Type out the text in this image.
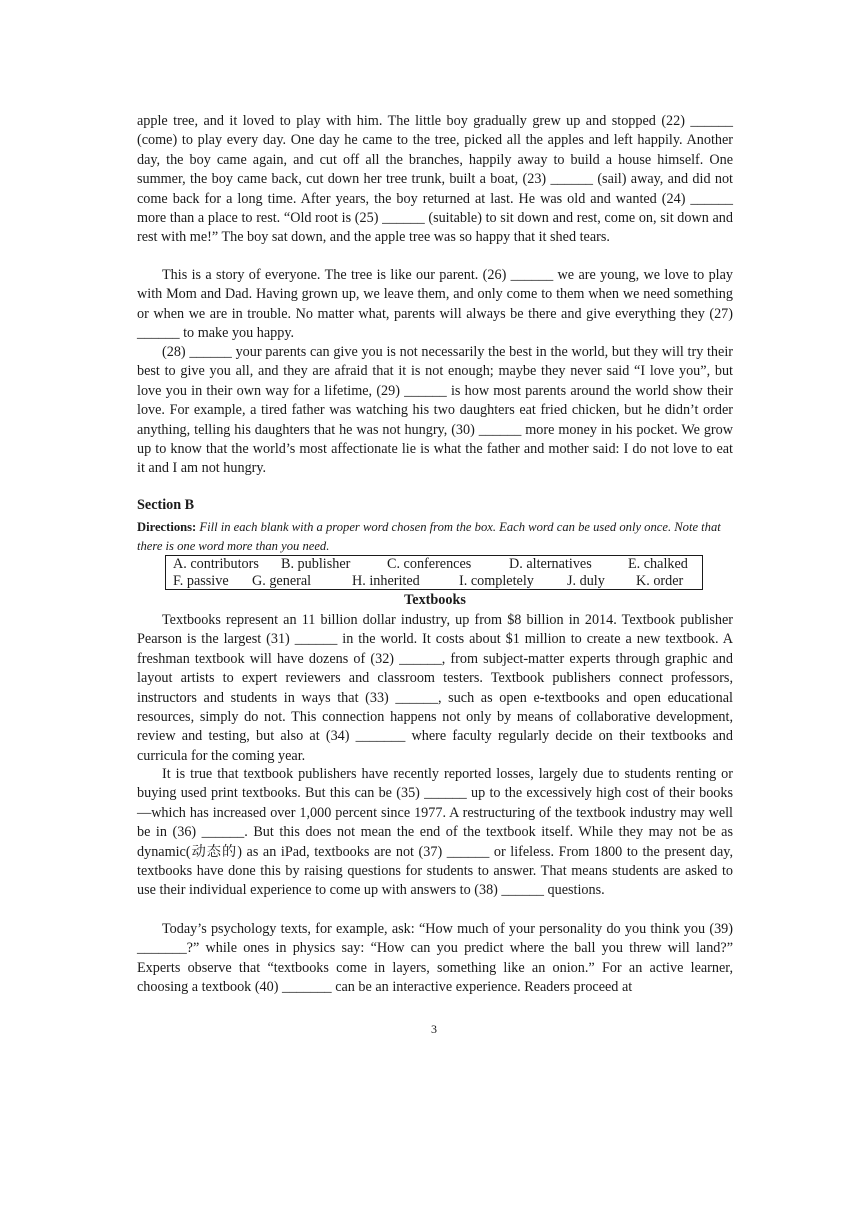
apple tree, and it loved to play with him. The little boy gradually grew up and stopped (22) ______ (come) to play every day. One day he came to the tree, picked all the apples and left happily. Another day, the boy came again, and cut off all the branches, happily away to build a house himself. One summer, the boy came back, cut down her tree trunk, built a boat, (23) ______ (sail) away, and did not come back for a long time. After years, the boy returned at last. He was old and wanted (24) ______ more than a place to rest. “Old root is (25) ______ (suitable) to sit down and rest, come on, sit down and rest with me!” The boy sat down, and the apple tree was so happy that it shed tears.

This is a story of everyone. The tree is like our parent. (26) ______ we are young, we love to play with Mom and Dad. Having grown up, we leave them, and only come to them when we need something or when we are in trouble. No matter what, parents will always be there and give everything they (27) ______ to make you happy.

(28) ______ your parents can give you is not necessarily the best in the world, but they will try their best to give you all, and they are afraid that it is not enough; maybe they never said “I love you”, but love you in their own way for a lifetime, (29) ______ is how most parents around the world show their love. For example, a tired father was watching his two daughters eat fried chicken, but he didn’t order anything, telling his daughters that he was not hungry, (30) ______ more money in his pocket. We grow up to know that the world’s most affectionate lie is what the father and mother said: I do not love to eat it and I am not hungry.

Section B

Directions: Fill in each blank with a proper word chosen from the box. Each word can be used only once. Note that there is one word more than you need.

A. contributors B. publisher	C. conferences	D. alternatives	E. chalked
F. passive G. general	H. inherited	I. completely J. duly K. order

Textbooks

Textbooks represent an 11 billion dollar industry, up from $8 billion in 2014. Textbook publisher Pearson is the largest (31) ______ in the world. It costs about $1 million to create a new textbook. A freshman textbook will have dozens of (32) ______, from subject-matter experts through graphic and layout artists to expert reviewers and classroom testers. Textbook publishers connect professors, instructors and students in ways that (33) ______, such as open e-textbooks and open educational resources, simply do not. This connection happens not only by means of collaborative development, review and testing, but also at (34) _______ where faculty regularly decide on their textbooks and curricula for the coming year.

It is true that textbook publishers have recently reported losses, largely due to students renting or buying used print textbooks. But this can be (35) ______ up to the excessively high cost of their books—which has increased over 1,000 percent since 1977. A restructuring of the textbook industry may well be in (36) ______. But this does not mean the end of the textbook itself. While they may not be as dynamic(动态的) as an iPad, textbooks are not (37) ______ or lifeless. From 1800 to the present day, textbooks have done this by raising questions for students to answer. That means students are asked to use their individual experience to come up with answers to (38) ______ questions.

Today’s psychology texts, for example, ask: “How much of your personality do you think you (39) _______?” while ones in physics say: “How can you predict where the ball you threw will land?” Experts observe that “textbooks come in layers, something like an onion.” For an active learner, choosing a textbook (40) _______ can be an interactive experience. Readers proceed at

3
